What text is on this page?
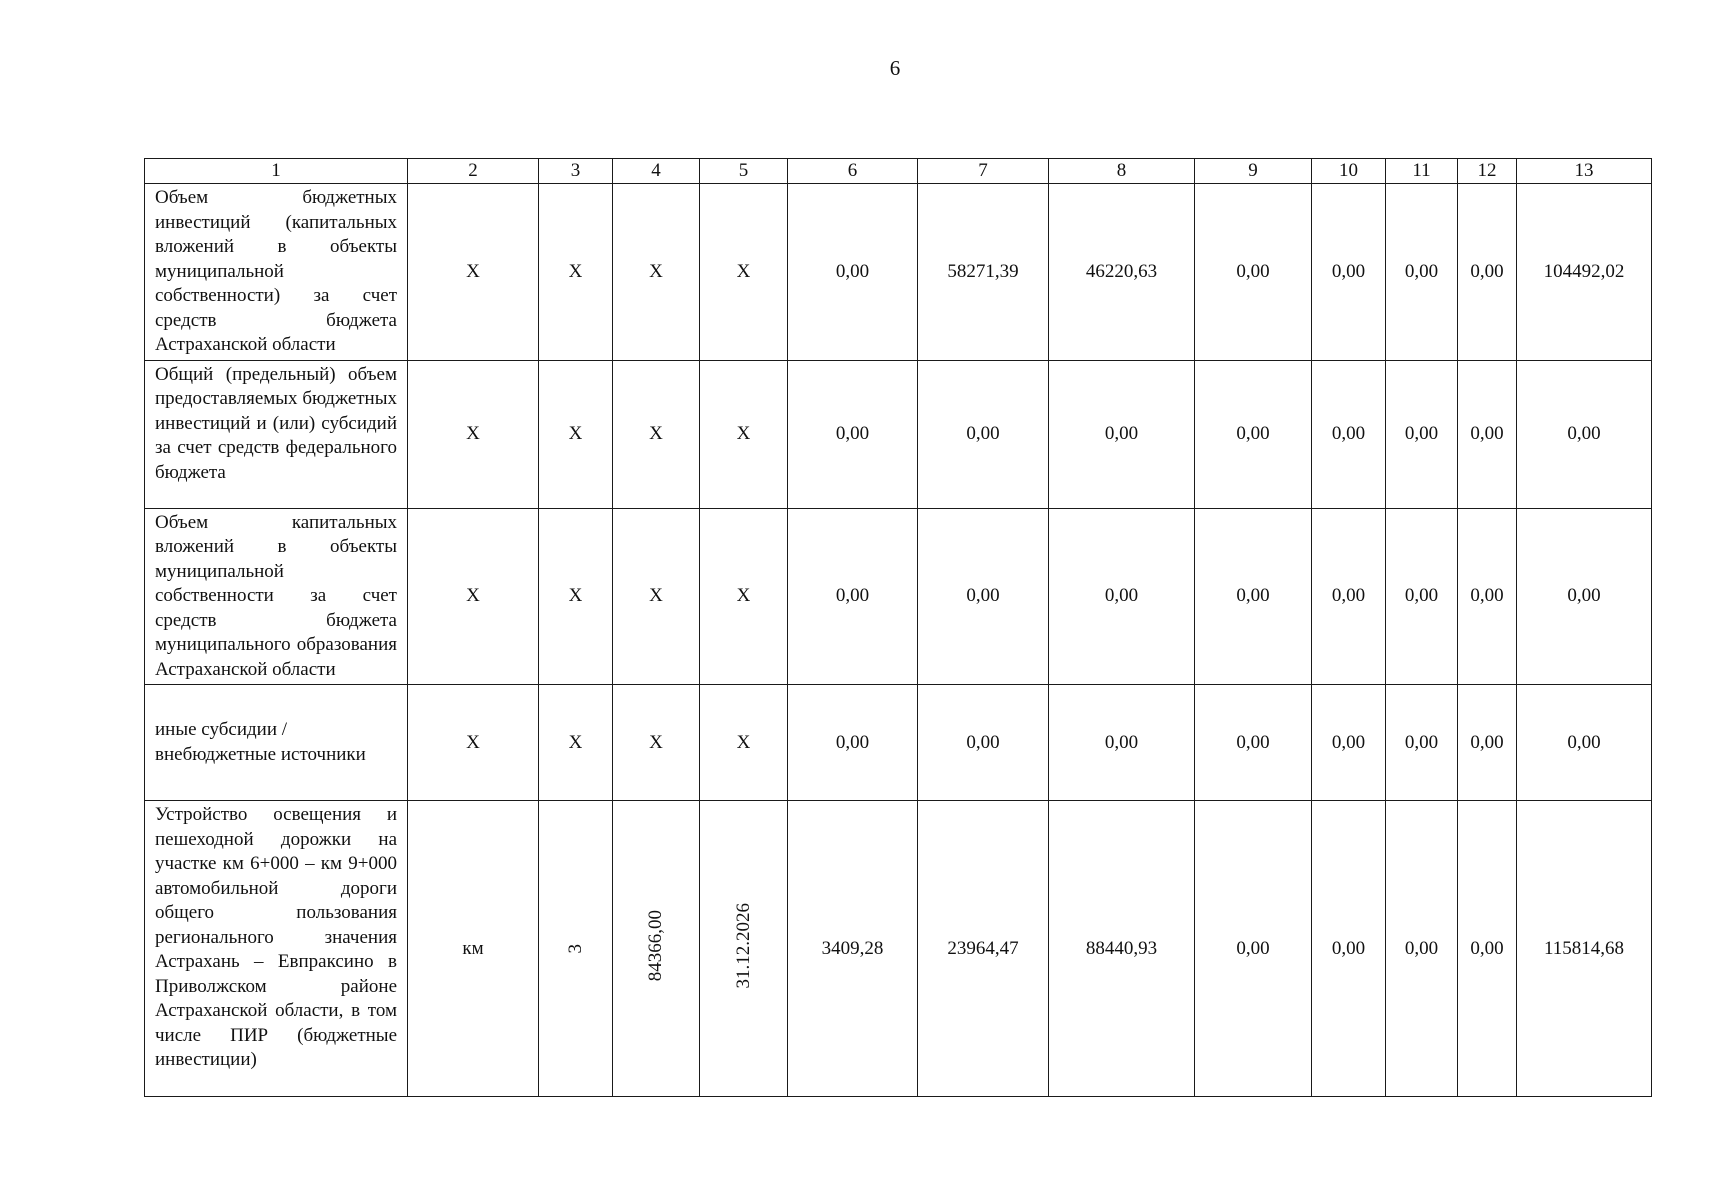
6
1	2	3	4	5	6	7	8	9	10	11	12	13
Объем бюджетных инвестиций (капитальных вложений в объекты муниципальной собственности) за счет средств бюджета Астраханской области	Х	Х	Х	Х	0,00	58271,39	46220,63	0,00	0,00	0,00	0,00	104492,02
Общий (предельный) объем предоставляемых бюджетных инвестиций и (или) субсидий за счет средств федерального бюджета	Х	Х	Х	Х	0,00	0,00	0,00	0,00	0,00	0,00	0,00	0,00
Объем капитальных вложений в объекты муниципальной собственности за счет средств бюджета муниципального образования Астраханской области	Х	Х	Х	Х	0,00	0,00	0,00	0,00	0,00	0,00	0,00	0,00
иные субсидии / внебюджетные источники	Х	Х	Х	Х	0,00	0,00	0,00	0,00	0,00	0,00	0,00	0,00
Устройство освещения и пешеходной дорожки на участке км 6+000 – км 9+000 автомобильной дороги общего пользования регионального значения Астрахань – Евпраксино в Приволжском районе Астраханской области, в том числе ПИР (бюджетные инвестиции)	км	3	84366,00	31.12.2026	3409,28	23964,47	88440,93	0,00	0,00	0,00	0,00	115814,68
